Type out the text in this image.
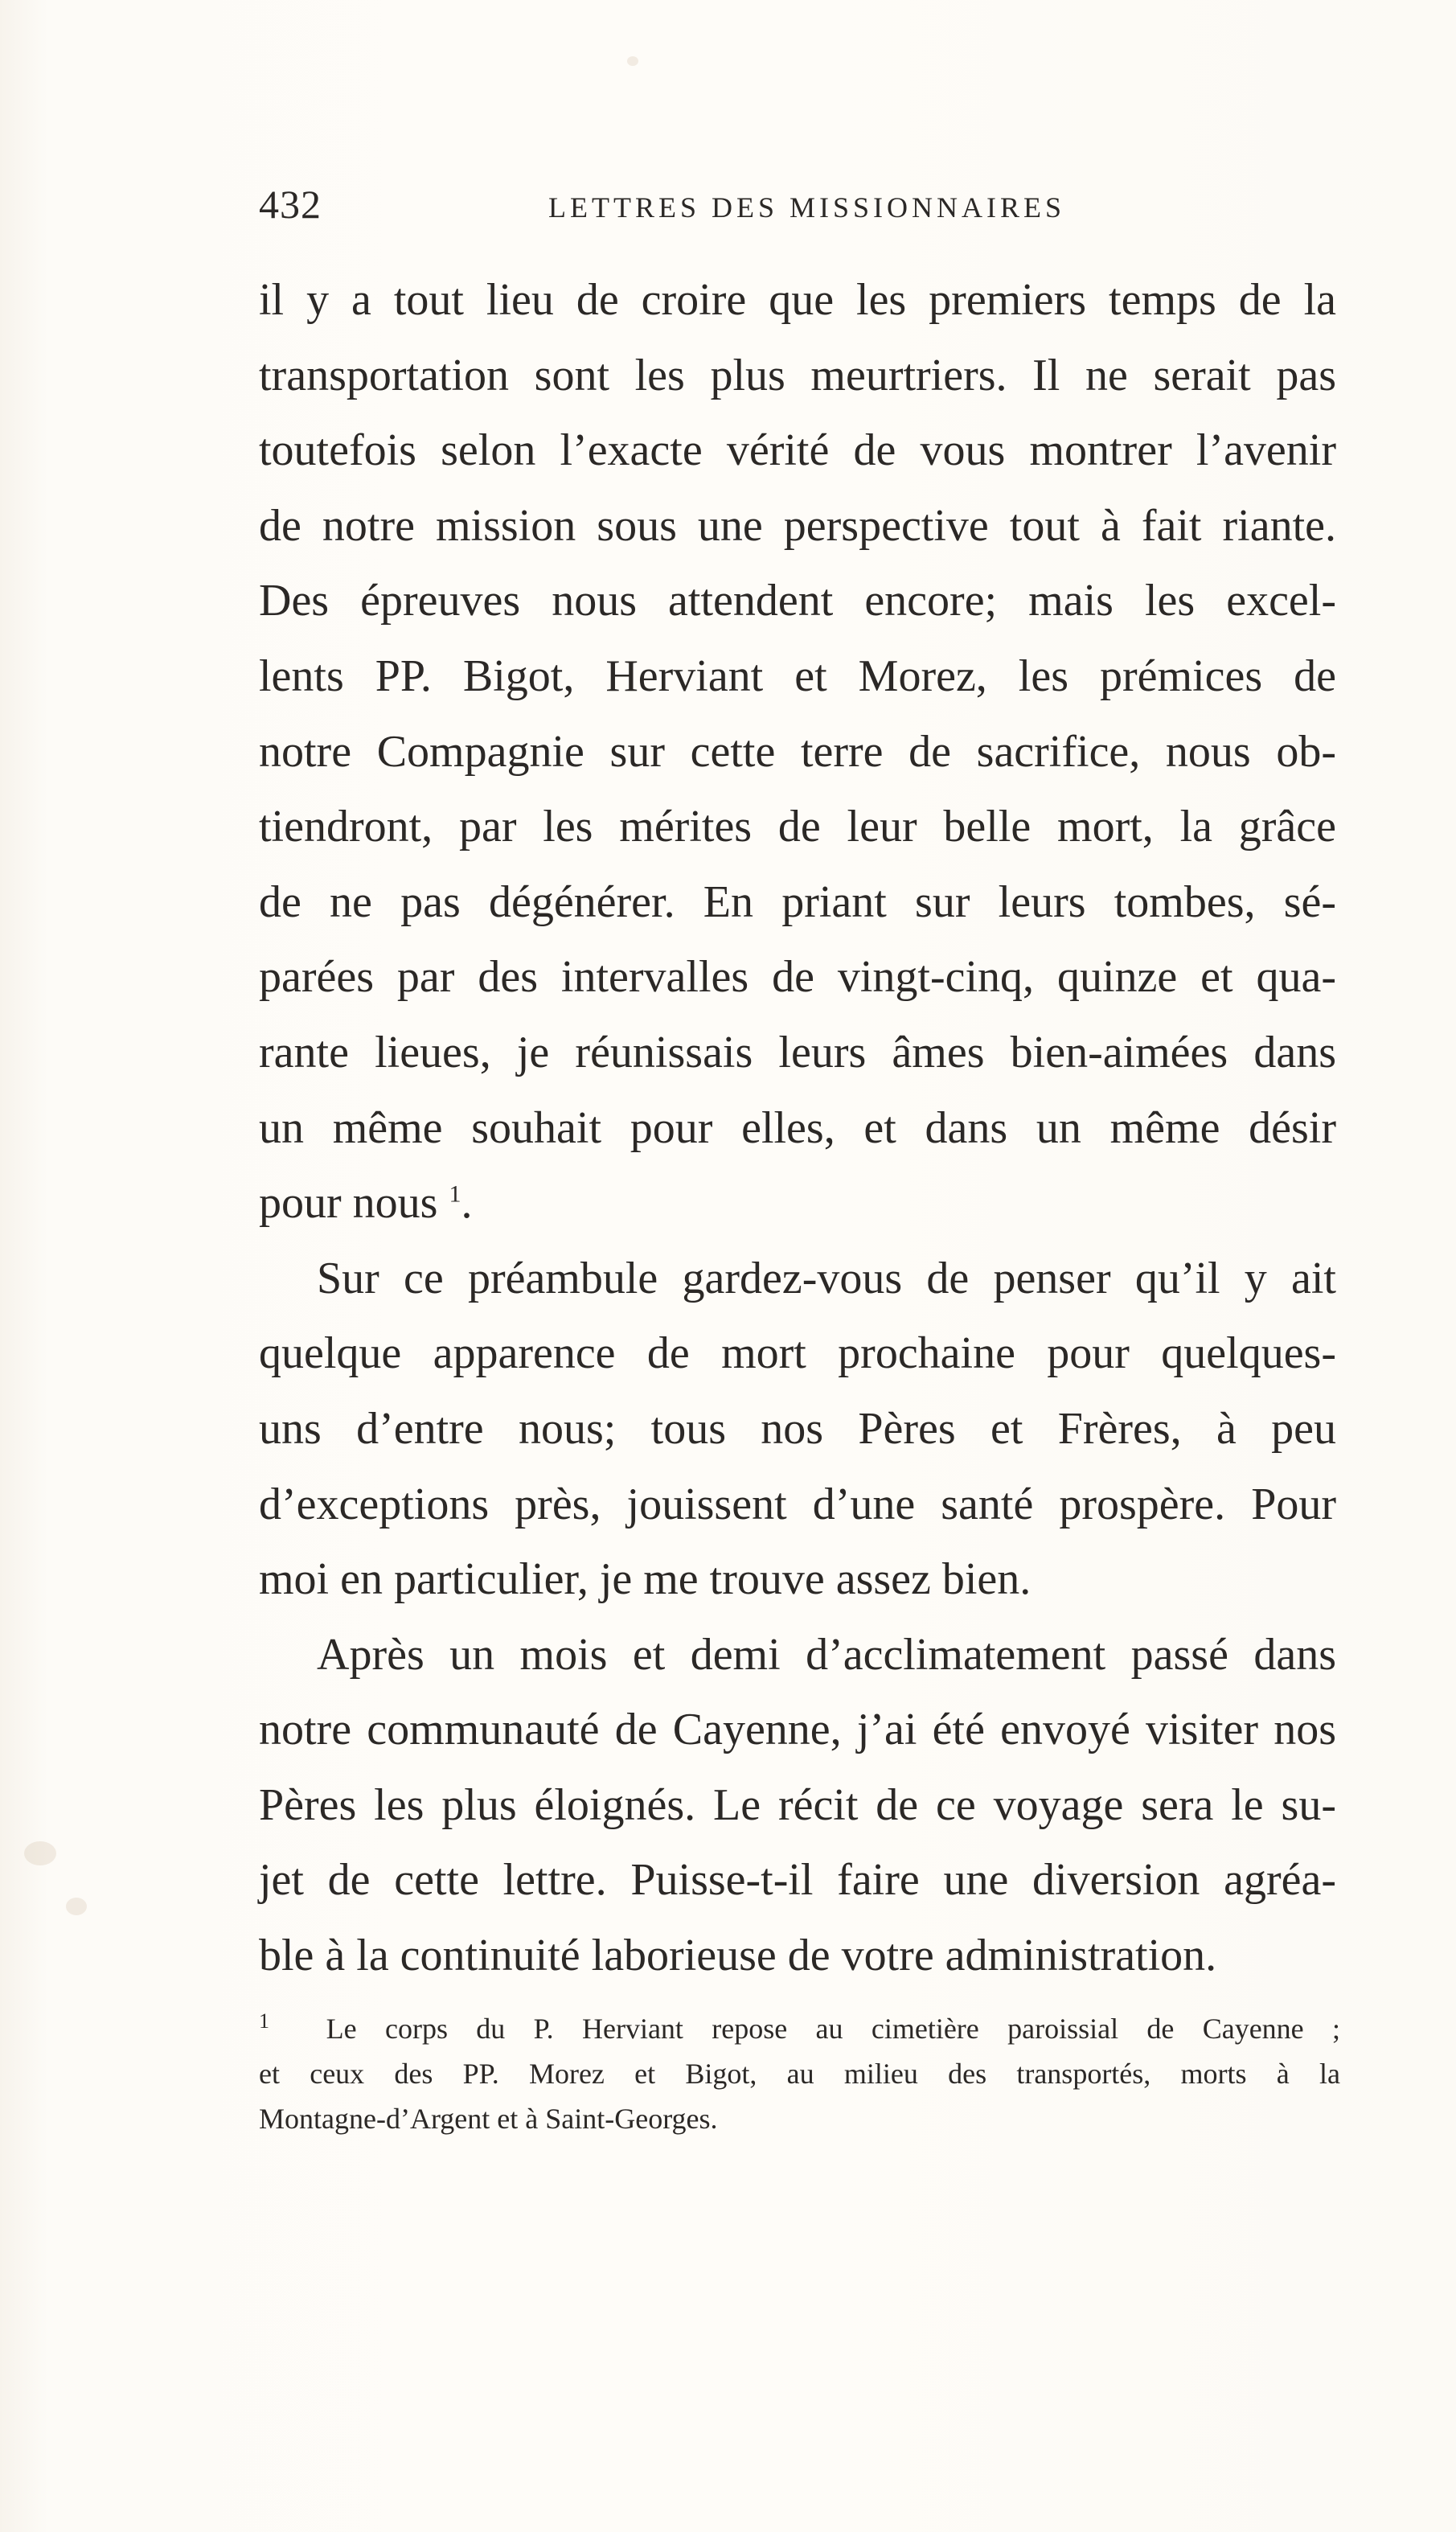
432	LETTRES DES MISSIONNAIRES
il y a tout lieu de croire que les premiers temps de la
transportation sont les plus meurtriers. Il ne serait pas
toutefois selon l’exacte vérité de vous montrer l’avenir
de notre mission sous une perspective tout à fait riante.
Des épreuves nous attendent encore; mais les excel-
lents PP. Bigot, Herviant et Morez, les prémices de
notre Compagnie sur cette terre de sacrifice, nous ob-
tiendront, par les mérites de leur belle mort, la grâce
de ne pas dégénérer. En priant sur leurs tombes, sé-
parées par des intervalles de vingt-cinq, quinze et qua-
rante lieues, je réunissais leurs âmes bien-aimées dans
un même souhait pour elles, et dans un même désir
pour nous $^1$.
Sur ce préambule gardez-vous de penser qu’il y ait
quelque apparence de mort prochaine pour quelques-
uns d’entre nous; tous nos Pères et Frères, à peu
d’exceptions près, jouissent d’une santé prospère. Pour
moi en particulier, je me trouve assez bien.
Après un mois et demi d’acclimatement passé dans
notre communauté de Cayenne, j’ai été envoyé visiter nos
Pères les plus éloignés. Le récit de ce voyage sera le su-
jet de cette lettre. Puisse-t-il faire une diversion agréa-
ble à la continuité laborieuse de votre administration.
$^1$ Le corps du P. Herviant repose au cimetière paroissial de Cayenne ;
et ceux des PP. Morez et Bigot, au milieu des transportés, morts à la
Montagne-d’Argent et à Saint-Georges.
